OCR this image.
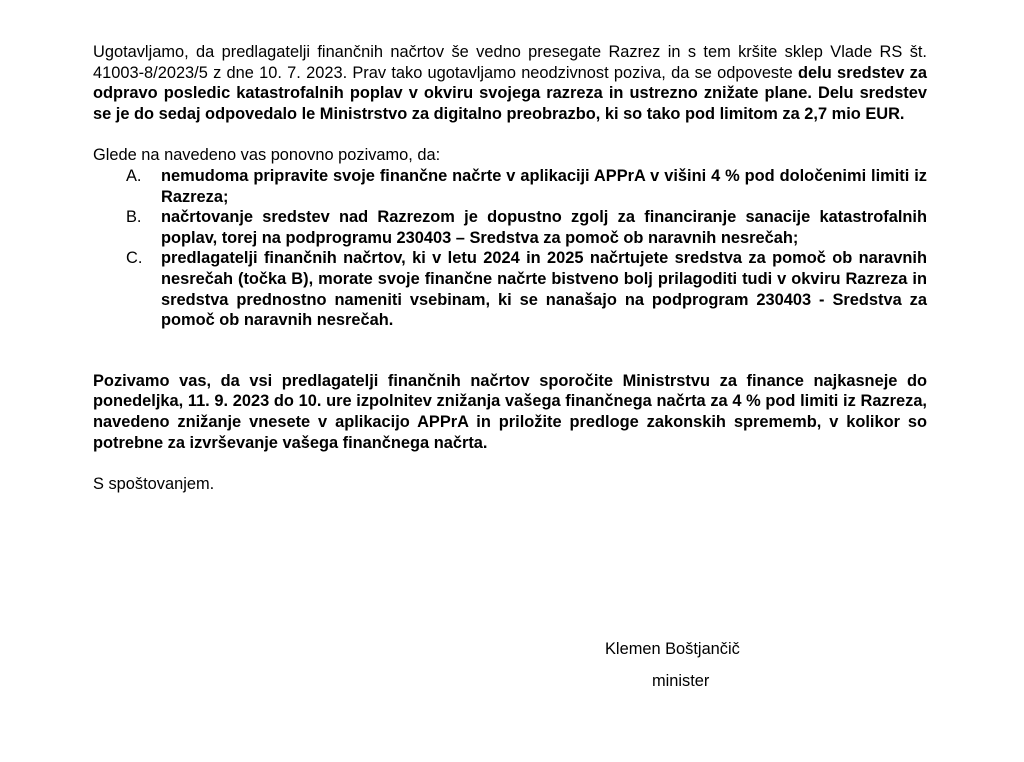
Ugotavljamo, da predlagatelji finančnih načrtov še vedno presegate Razrez in s tem kršite sklep Vlade RS št. 41003-8/2023/5 z dne 10. 7. 2023. Prav tako ugotavljamo neodzivnost poziva, da se odpoveste delu sredstev za odpravo posledic katastrofalnih poplav v okviru svojega razreza in ustrezno znižate plane. Delu sredstev se je do sedaj odpovedalo le Ministrstvo za digitalno preobrazbo, ki so tako pod limitom za 2,7 mio EUR.

Glede na navedeno vas ponovno pozivamo, da:

A. nemudoma pripravite svoje finančne načrte v aplikaciji APPrA v višini 4 % pod določenimi limiti iz Razreza;
B. načrtovanje sredstev nad Razrezom je dopustno zgolj za financiranje sanacije katastrofalnih poplav, torej na podprogramu 230403 – Sredstva za pomoč ob naravnih nesrečah;
C. predlagatelji finančnih načrtov, ki v letu 2024 in 2025 načrtujete sredstva za pomoč ob naravnih nesrečah (točka B), morate svoje finančne načrte bistveno bolj prilagoditi tudi v okviru Razreza in sredstva prednostno nameniti vsebinam, ki se nanašajo na podprogram 230403 - Sredstva za pomoč ob naravnih nesrečah.

Pozivamo vas, da vsi predlagatelji finančnih načrtov sporočite Ministrstvu za finance najkasneje do ponedeljka, 11. 9. 2023 do 10. ure izpolnitev znižanja vašega finančnega načrta za 4 % pod limiti iz Razreza, navedeno znižanje vnesete v aplikacijo APPrA in priložite predloge zakonskih sprememb, v kolikor so potrebne za izvrševanje vašega finančnega načrta.

S spoštovanjem.

Klemen Boštjančič
minister
